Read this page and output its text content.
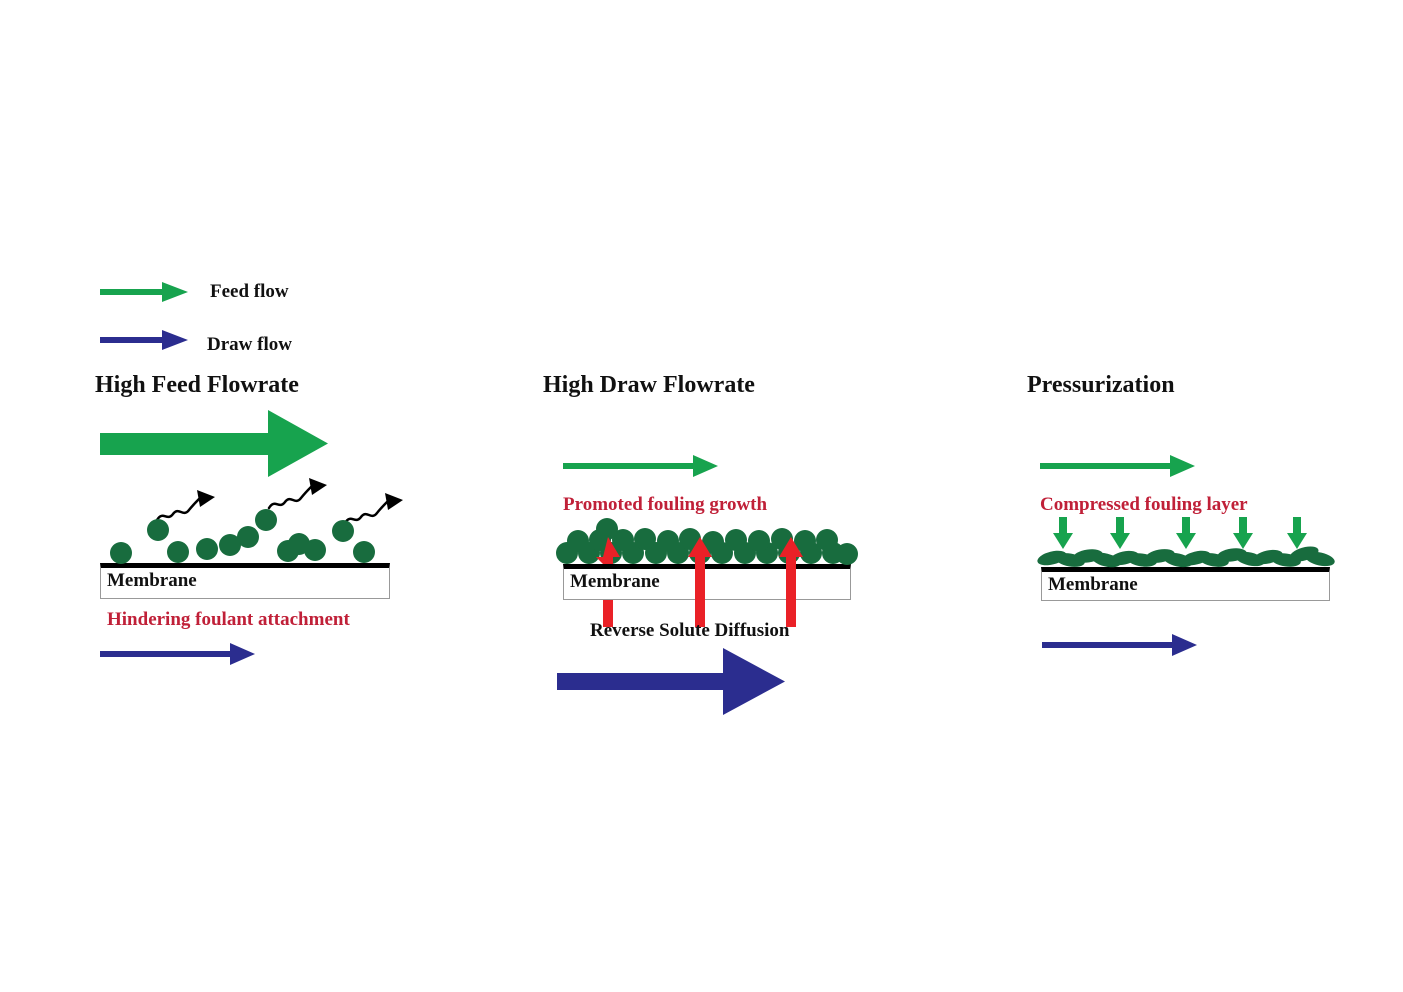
Feed flow
Draw flow
High Feed Flowrate
Membrane
Hindering foulant attachment
High Draw Flowrate
Membrane
Promoted fouling growth
Reverse Solute Diffusion
Pressurization
Membrane
Compressed fouling layer
